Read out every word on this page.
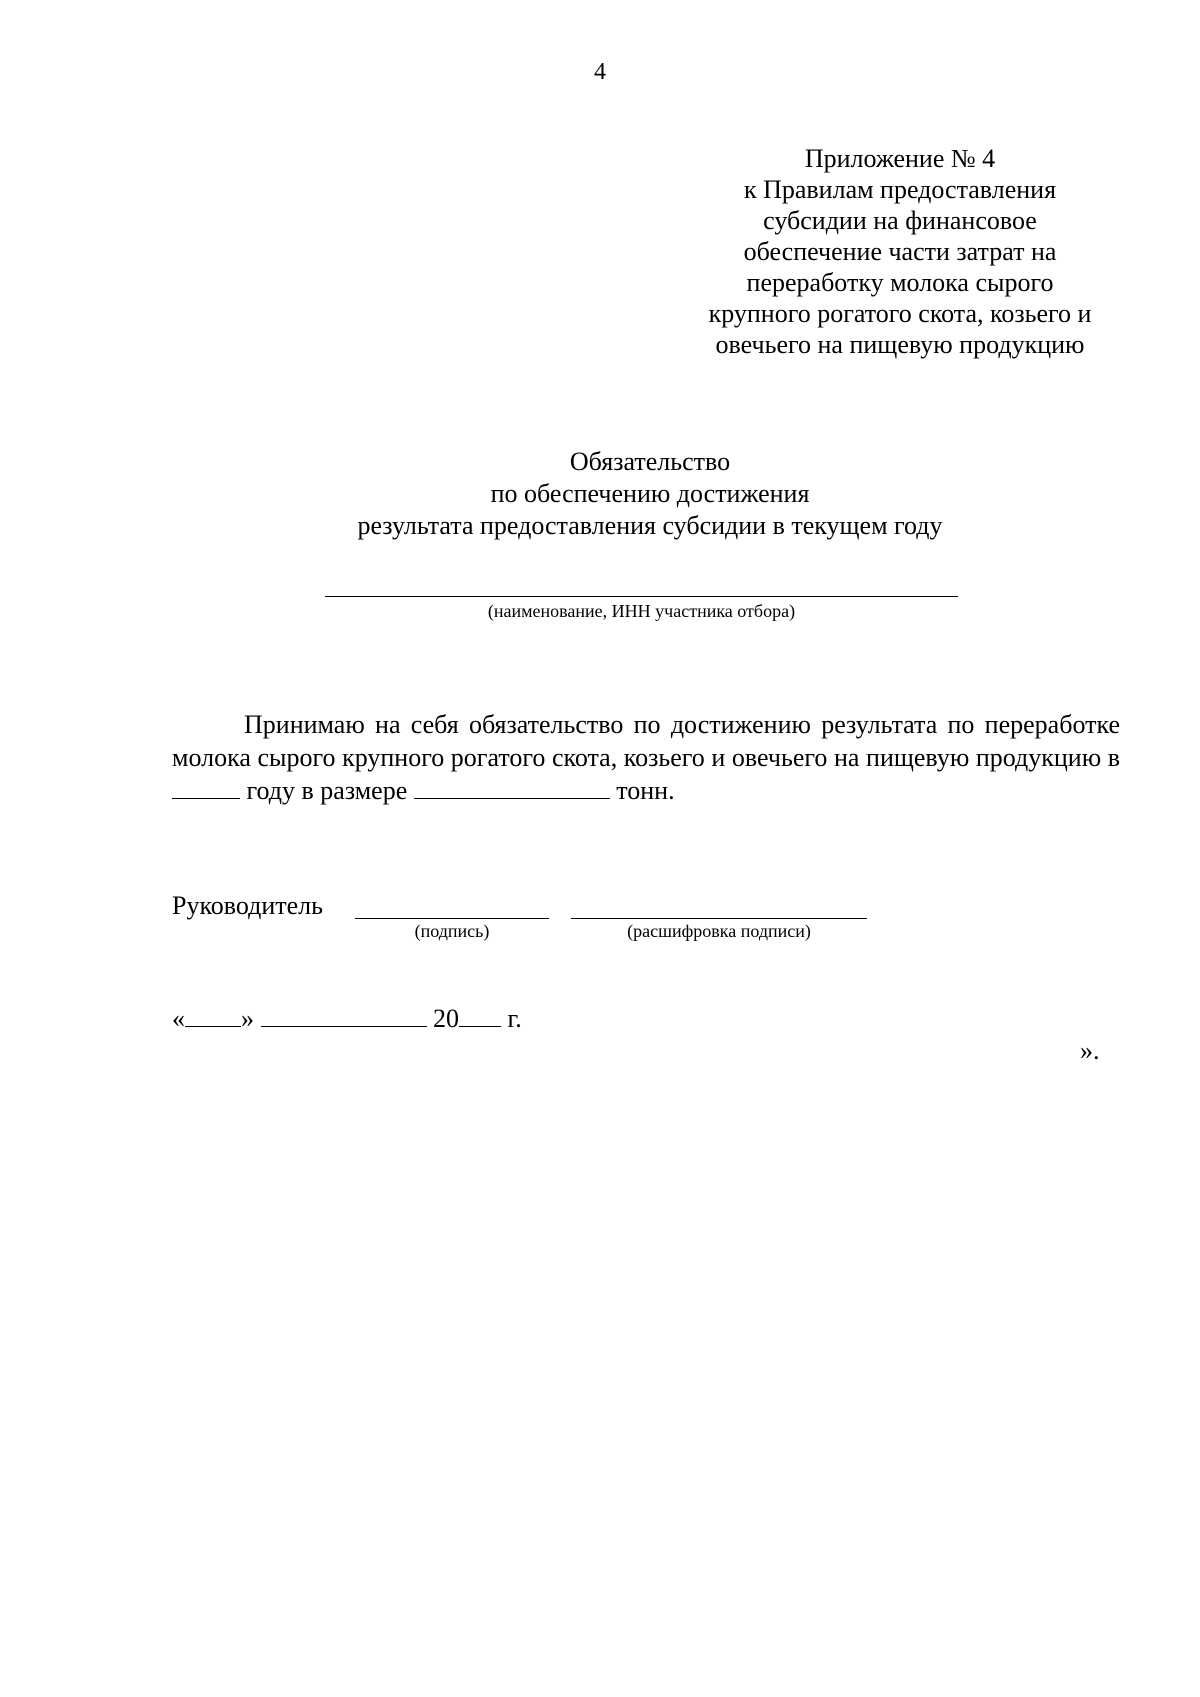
4
Приложение № 4
к Правилам предоставления
субсидии на финансовое
обеспечение части затрат на
переработку молока сырого
крупного рогатого скота, козьего и
овечьего на пищевую продукцию
Обязательство
по обеспечению достижения
результата предоставления субсидии в текущем году
(наименование, ИНН участника отбора)
Принимаю на себя обязательство по достижению результата по переработке молока сырого крупного рогатого скота, козьего и овечьего на пищевую продукцию в  году в размере	тонн.
Руководитель
(подпись)	(расшифровка подписи)
« »	20 г.
».
